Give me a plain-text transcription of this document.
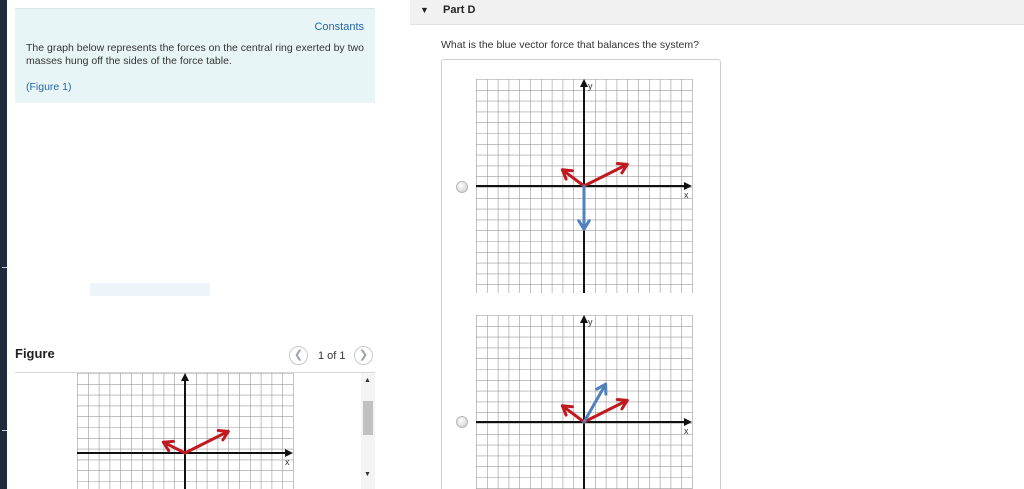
Constants

The graph below represents the forces on the central ring exerted by two masses hung off the sides of the force table.

(Figure 1)
Figure	❮	1 of 1	❯
x
▲
▼
▼ Part D
What is the blue vector force that balances the system?
x
y
x
y
